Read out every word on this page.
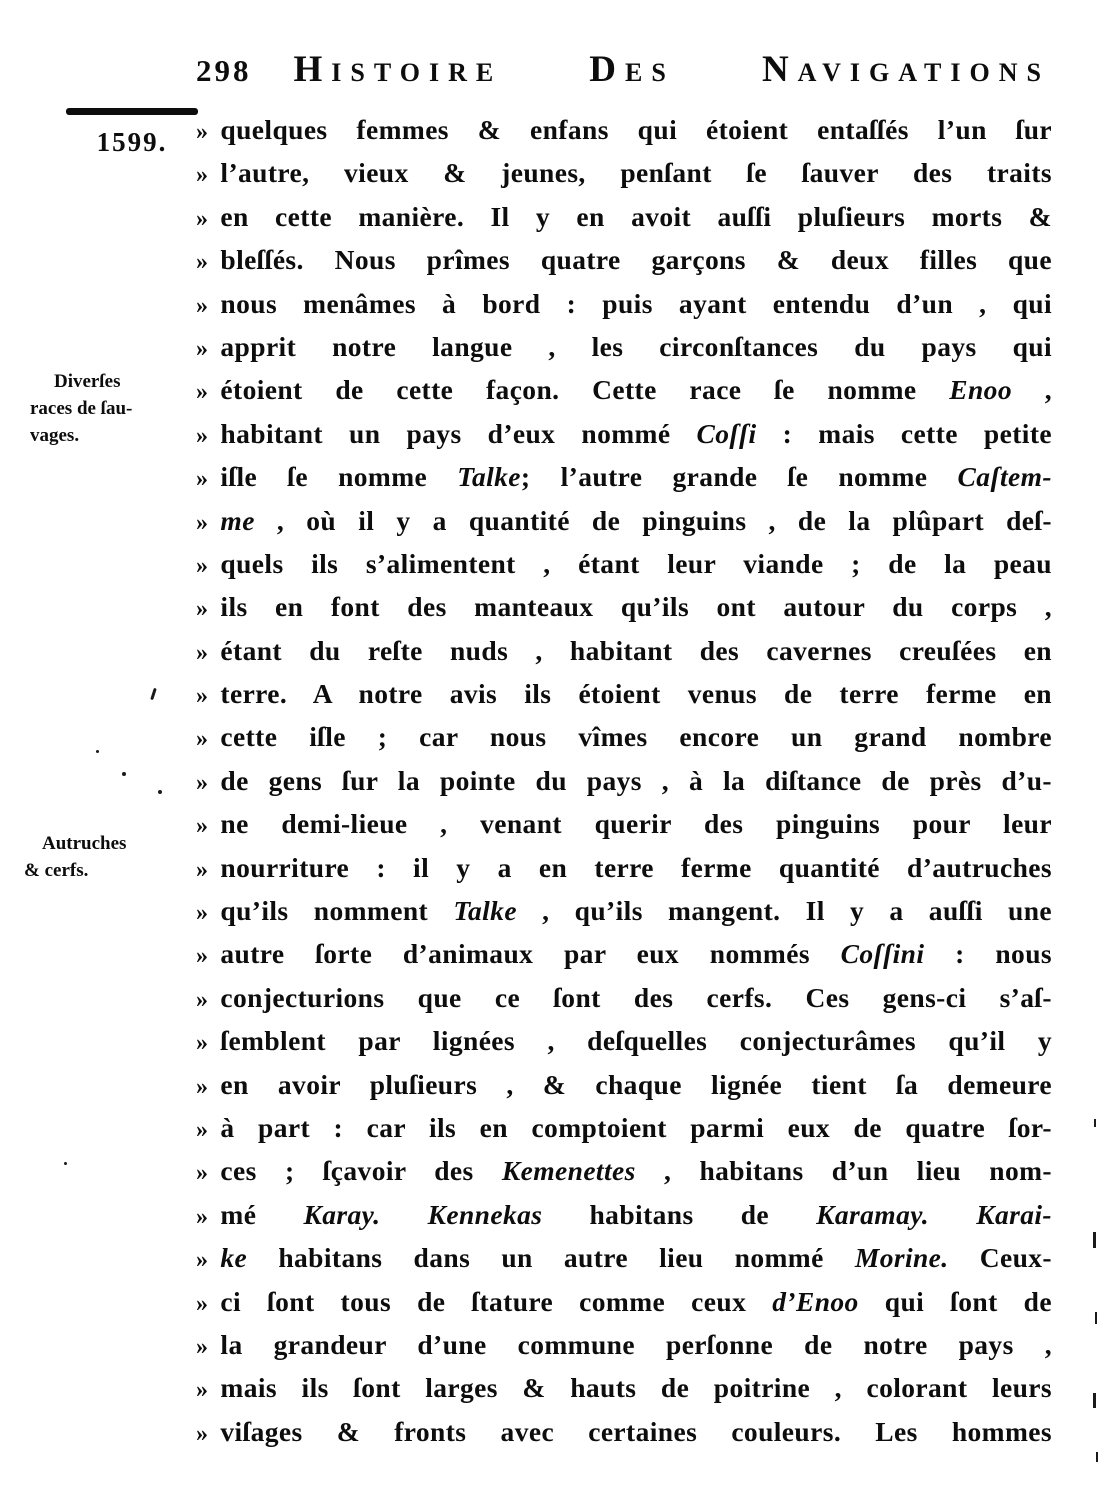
298 HISTOIRE DES NAVIGATIONS
1599.
Diverſes
races de ſau-
vages.
Autruches
& cerfs.
» quelques femmes & enfans qui étoient entaſſés l’un ſur
» l’autre, vieux & jeunes, penſant ſe ſauver des traits
» en cette manière. Il y en avoit auſſi pluſieurs morts &
» bleſſés. Nous prîmes quatre garçons & deux filles que
» nous menâmes à bord : puis ayant entendu d’un , qui
» apprit notre langue , les circonſtances du pays qui
» étoient de cette façon. Cette race ſe nomme Enoo ,
» habitant un pays d’eux nommé Coſſi : mais cette petite
» iſle ſe nomme Talke; l’autre grande ſe nomme Caſtem-
» me , où il y a quantité de pinguins , de la plûpart deſ-
» quels ils s’alimentent , étant leur viande ; de la peau
» ils en font des manteaux qu’ils ont autour du corps ,
» étant du reſte nuds , habitant des cavernes creuſées en
» terre. A notre avis ils étoient venus de terre ferme en
» cette iſle ; car nous vîmes encore un grand nombre
» de gens ſur la pointe du pays , à la diſtance de près d’u-
» ne demi-lieue , venant querir des pinguins pour leur
» nourriture : il y a en terre ferme quantité d’autruches
» qu’ils nomment Talke , qu’ils mangent. Il y a auſſi une
» autre ſorte d’animaux par eux nommés Coſſini : nous
» conjecturions que ce ſont des cerfs. Ces gens-ci s’aſ-
» ſemblent par lignées , deſquelles conjecturâmes qu’il y
» en avoir pluſieurs , & chaque lignée tient ſa demeure
» à part : car ils en comptoient parmi eux de quatre ſor-
» ces ; ſçavoir des Kemenettes , habitans d’un lieu nom-
» mé Karay. Kennekas habitans de Karamay. Karai-
» ke habitans dans un autre lieu nommé Morine. Ceux-
» ci ſont tous de ſtature comme ceux d’Enoo qui ſont de
» la grandeur d’une commune perſonne de notre pays ,
» mais ils ſont larges & hauts de poitrine , colorant leurs
» viſages & fronts avec certaines couleurs. Les hommes
